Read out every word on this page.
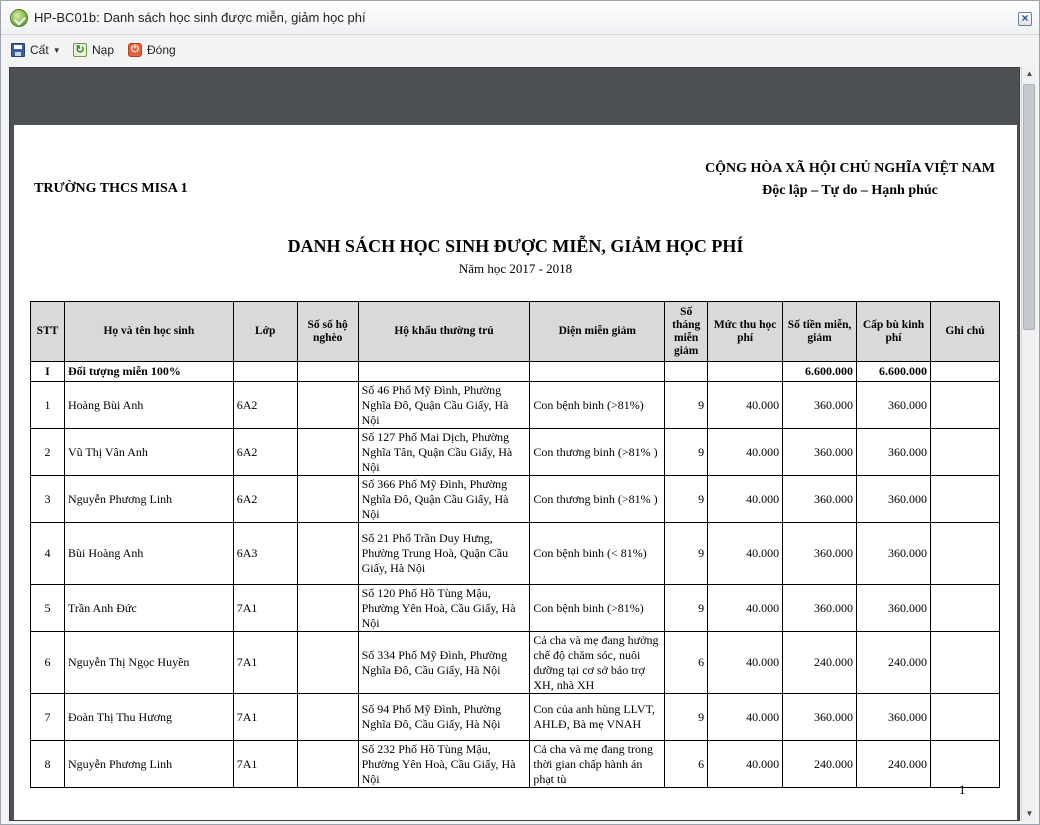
HP-BC01b: Danh sách học sinh được miễn, giảm học phí	×
Cất ▼ ↻ Nạp	⏻ Đóng
TRƯỜNG THCS MISA 1
CỘNG HÒA XÃ HỘI CHỦ NGHĨA VIỆT NAM
Độc lập – Tự do – Hạnh phúc
DANH SÁCH HỌC SINH ĐƯỢC MIỄN, GIẢM HỌC PHÍ
Năm học 2017 - 2018
STT	Họ và tên học sinh	Lớp	Số sổ hộ nghèo	Hộ khẩu thường trú	Diện miễn giảm	Số tháng miễn giảm	Mức thu học phí	Số tiền miễn, giảm	Cấp bù kinh phí	Ghi chú
I	Đối tượng miễn 100%							6.600.000	6.600.000	
1	Hoàng Bùi Anh	6A2		Số 46 Phố Mỹ Đình, Phường Nghĩa Đô, Quận Cầu Giấy, Hà Nội	Con bệnh binh (>81%)	9	40.000	360.000	360.000	
2	Vũ Thị Vân Anh	6A2		Số 127 Phố Mai Dịch, Phường Nghĩa Tân, Quận Cầu Giấy, Hà Nội	Con thương binh (>81% )	9	40.000	360.000	360.000	
3	Nguyễn Phương Linh	6A2		Số 366 Phố Mỹ Đình, Phường Nghĩa Đô, Quận Cầu Giấy, Hà Nội	Con thương binh (>81% )	9	40.000	360.000	360.000	
4	Bùi Hoàng Anh	6A3		Số 21 Phố Trần Duy Hưng, Phường Trung Hoà, Quận Cầu Giấy, Hà Nội	Con bệnh binh (< 81%)	9	40.000	360.000	360.000	
5	Trần Anh Đức	7A1		Số 120 Phố Hồ Tùng Mậu, Phường Yên Hoà, Cầu Giấy, Hà Nội	Con bệnh binh (>81%)	9	40.000	360.000	360.000	
6	Nguyễn Thị Ngọc Huyền	7A1		Số 334 Phố Mỹ Đình, Phường Nghĩa Đô, Cầu Giấy, Hà Nội	Cả cha và mẹ đang hưởng chế độ chăm sóc, nuôi dưỡng tại cơ sở bảo trợ XH, nhà XH	6	40.000	240.000	240.000	
7	Đoàn Thị Thu Hương	7A1		Số 94 Phố Mỹ Đình, Phường Nghĩa Đô, Cầu Giấy, Hà Nội	Con của anh hùng LLVT, AHLĐ, Bà mẹ VNAH	9	40.000	360.000	360.000	
8	Nguyễn Phương Linh	7A1		Số 232 Phố Hồ Tùng Mậu, Phường Yên Hoà, Cầu Giấy, Hà Nội	Cả cha và mẹ đang trong thời gian chấp hành án phạt tù	6	40.000	240.000	240.000	
1
▲
▼
